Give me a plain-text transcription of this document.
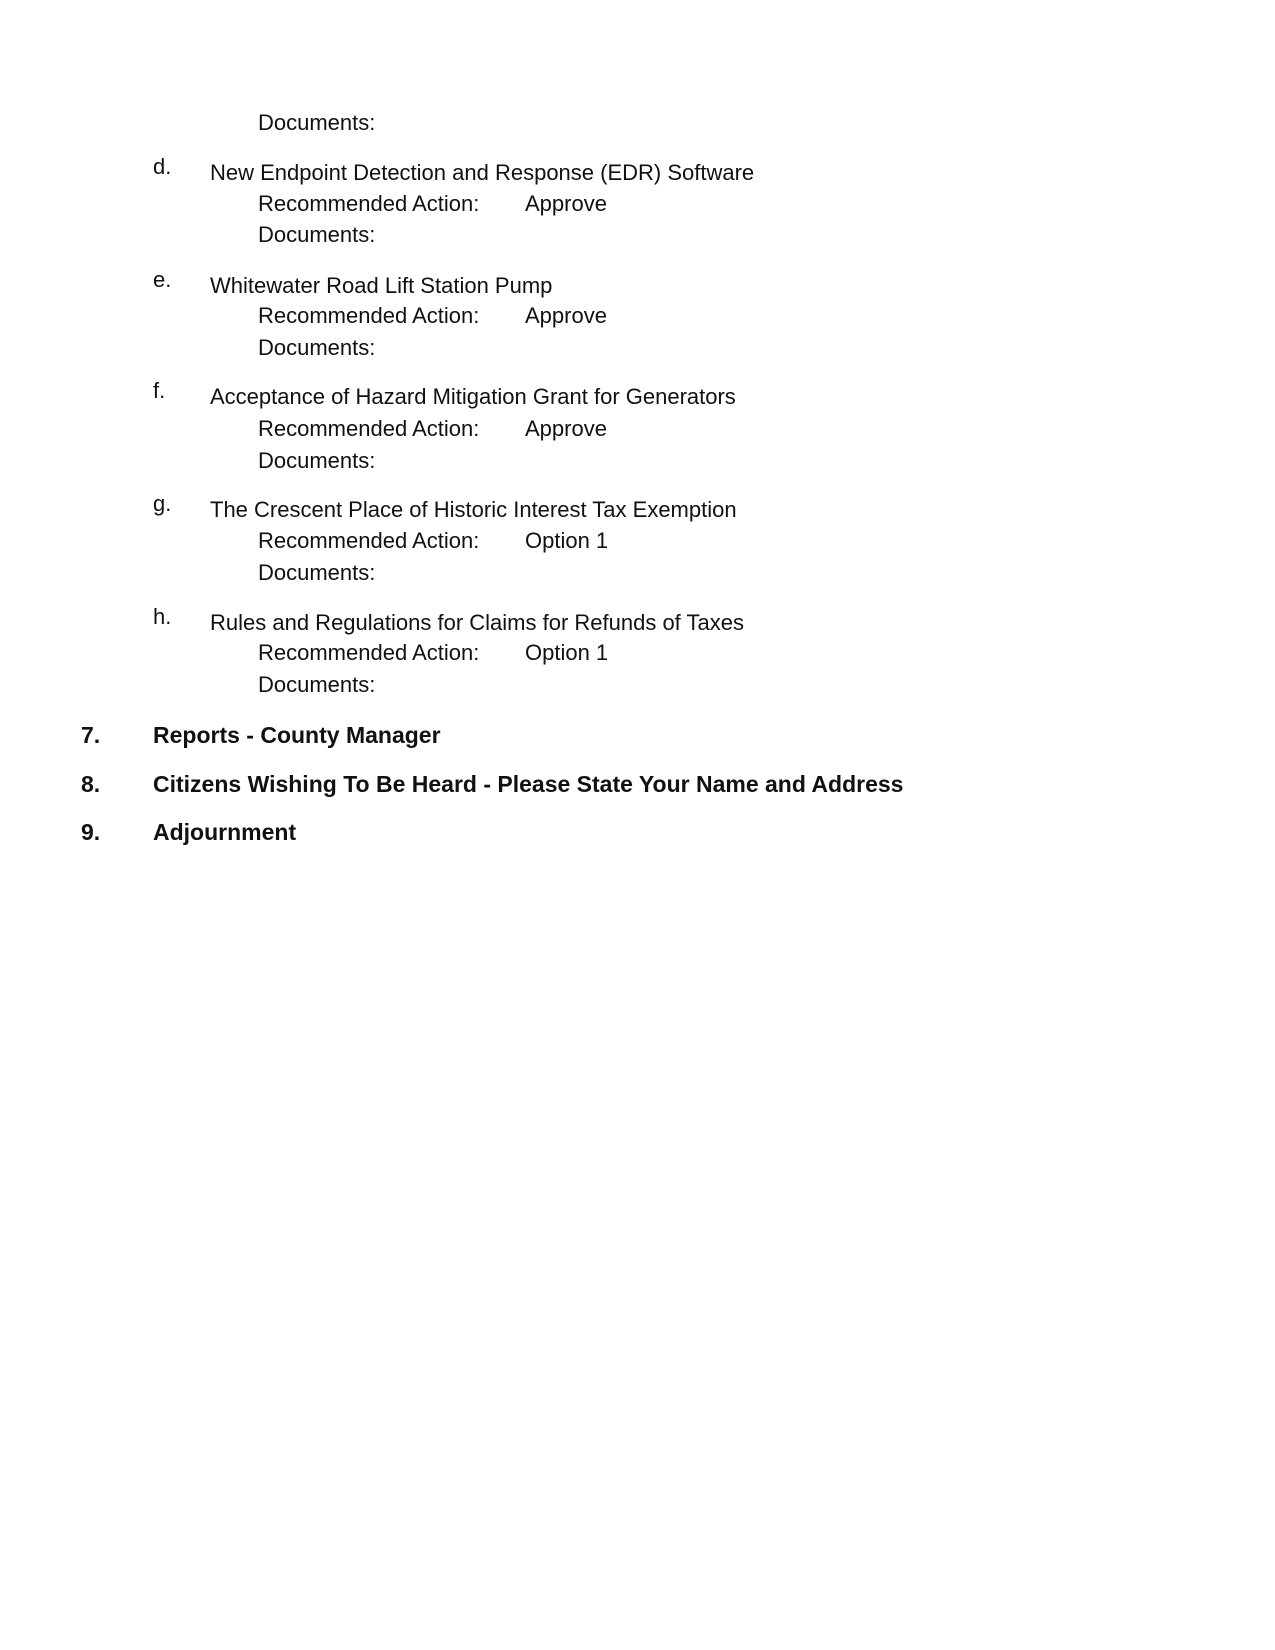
Documents:
d. New Endpoint Detection and Response (EDR) Software
Recommended Action: Approve
Documents:
e. Whitewater Road Lift Station Pump
Recommended Action: Approve
Documents:
f. Acceptance of Hazard Mitigation Grant for Generators
Recommended Action: Approve
Documents:
g. The Crescent Place of Historic Interest Tax Exemption
Recommended Action: Option 1
Documents:
h. Rules and Regulations for Claims for Refunds of Taxes
Recommended Action: Option 1
Documents:
7. Reports - County Manager
8. Citizens Wishing To Be Heard - Please State Your Name and Address
9. Adjournment
